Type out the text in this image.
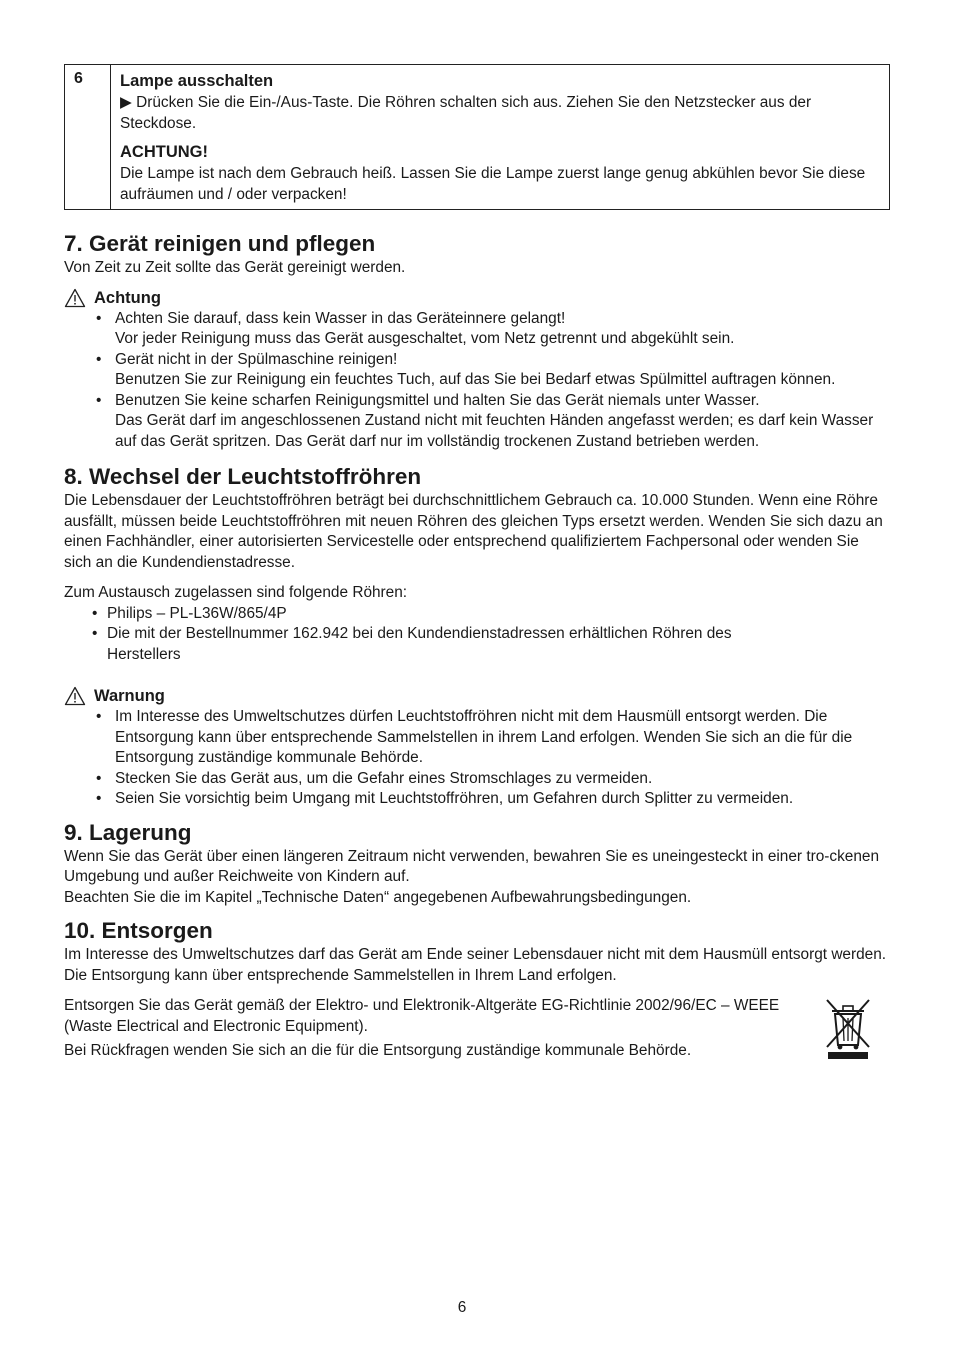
6	Lampe ausschalten

▶ Drücken Sie die Ein-/Aus-Taste. Die Röhren schalten sich aus. Ziehen Sie den Netzstecker aus der Steckdose.

ACHTUNG!

Die Lampe ist nach dem Gebrauch heiß. Lassen Sie die Lampe zuerst lange genug abkühlen bevor Sie diese aufräumen und / oder verpacken!

7. Gerät reinigen und pflegen

Von Zeit zu Zeit sollte das Gerät gereinigt werden.

Achtung
• Achten Sie darauf, dass kein Wasser in das Geräteinnere gelangt!
Vor jeder Reinigung muss das Gerät ausgeschaltet, vom Netz getrennt und abgekühlt sein.
• Gerät nicht in der Spülmaschine reinigen!
Benutzen Sie zur Reinigung ein feuchtes Tuch, auf das Sie bei Bedarf etwas Spülmittel auftragen können.
• Benutzen Sie keine scharfen Reinigungsmittel und halten Sie das Gerät niemals unter Wasser.
Das Gerät darf im angeschlossenen Zustand nicht mit feuchten Händen angefasst werden; es darf kein Wasser auf das Gerät spritzen. Das Gerät darf nur im vollständig trockenen Zustand betrieben werden.
8. Wechsel der Leuchtstoffröhren

Die Lebensdauer der Leuchtstoffröhren beträgt bei durchschnittlichem Gebrauch ca. 10.000 Stunden. Wenn eine Röhre ausfällt, müssen beide Leuchtstoffröhren mit neuen Röhren des gleichen Typs ersetzt werden. Wenden Sie sich dazu an einen Fachhändler, einer autorisierten Servicestelle oder entsprechend qualifiziertem Fachpersonal oder wenden Sie sich an die Kundendienstadresse.

Zum Austausch zugelassen sind folgende Röhren:

• Philips – PL-L36W/865/4P
• Die mit der Bestellnummer 162.942 bei den Kundendienstadressen erhältlichen Röhren des Herstellers
Warnung
• Im Interesse des Umweltschutzes dürfen Leuchtstoffröhren nicht mit dem Hausmüll entsorgt werden. Die Entsorgung kann über entsprechende Sammelstellen in ihrem Land erfolgen. Wenden Sie sich an die für die Entsorgung zuständige kommunale Behörde.
• Stecken Sie das Gerät aus, um die Gefahr eines Stromschlages zu vermeiden.
• Seien Sie vorsichtig beim Umgang mit Leuchtstoffröhren, um Gefahren durch Splitter zu vermeiden.
9. Lagerung

Wenn Sie das Gerät über einen längeren Zeitraum nicht verwenden, bewahren Sie es uneingesteckt in einer tro-ckenen Umgebung und außer Reichweite von Kindern auf.

Beachten Sie die im Kapitel „Technische Daten“ angegebenen Aufbewahrungsbedingungen.

10. Entsorgen

Im Interesse des Umweltschutzes darf das Gerät am Ende seiner Lebensdauer nicht mit dem Hausmüll entsorgt werden. Die Entsorgung kann über entsprechende Sammelstellen in Ihrem Land erfolgen.

Entsorgen Sie das Gerät gemäß der Elektro- und Elektronik-Altgeräte EG-Richtlinie 2002/96/EC – WEEE (Waste Electrical and Electronic Equipment).

Bei Rückfragen wenden Sie sich an die für die Entsorgung zuständige kommunale Behörde.

6
